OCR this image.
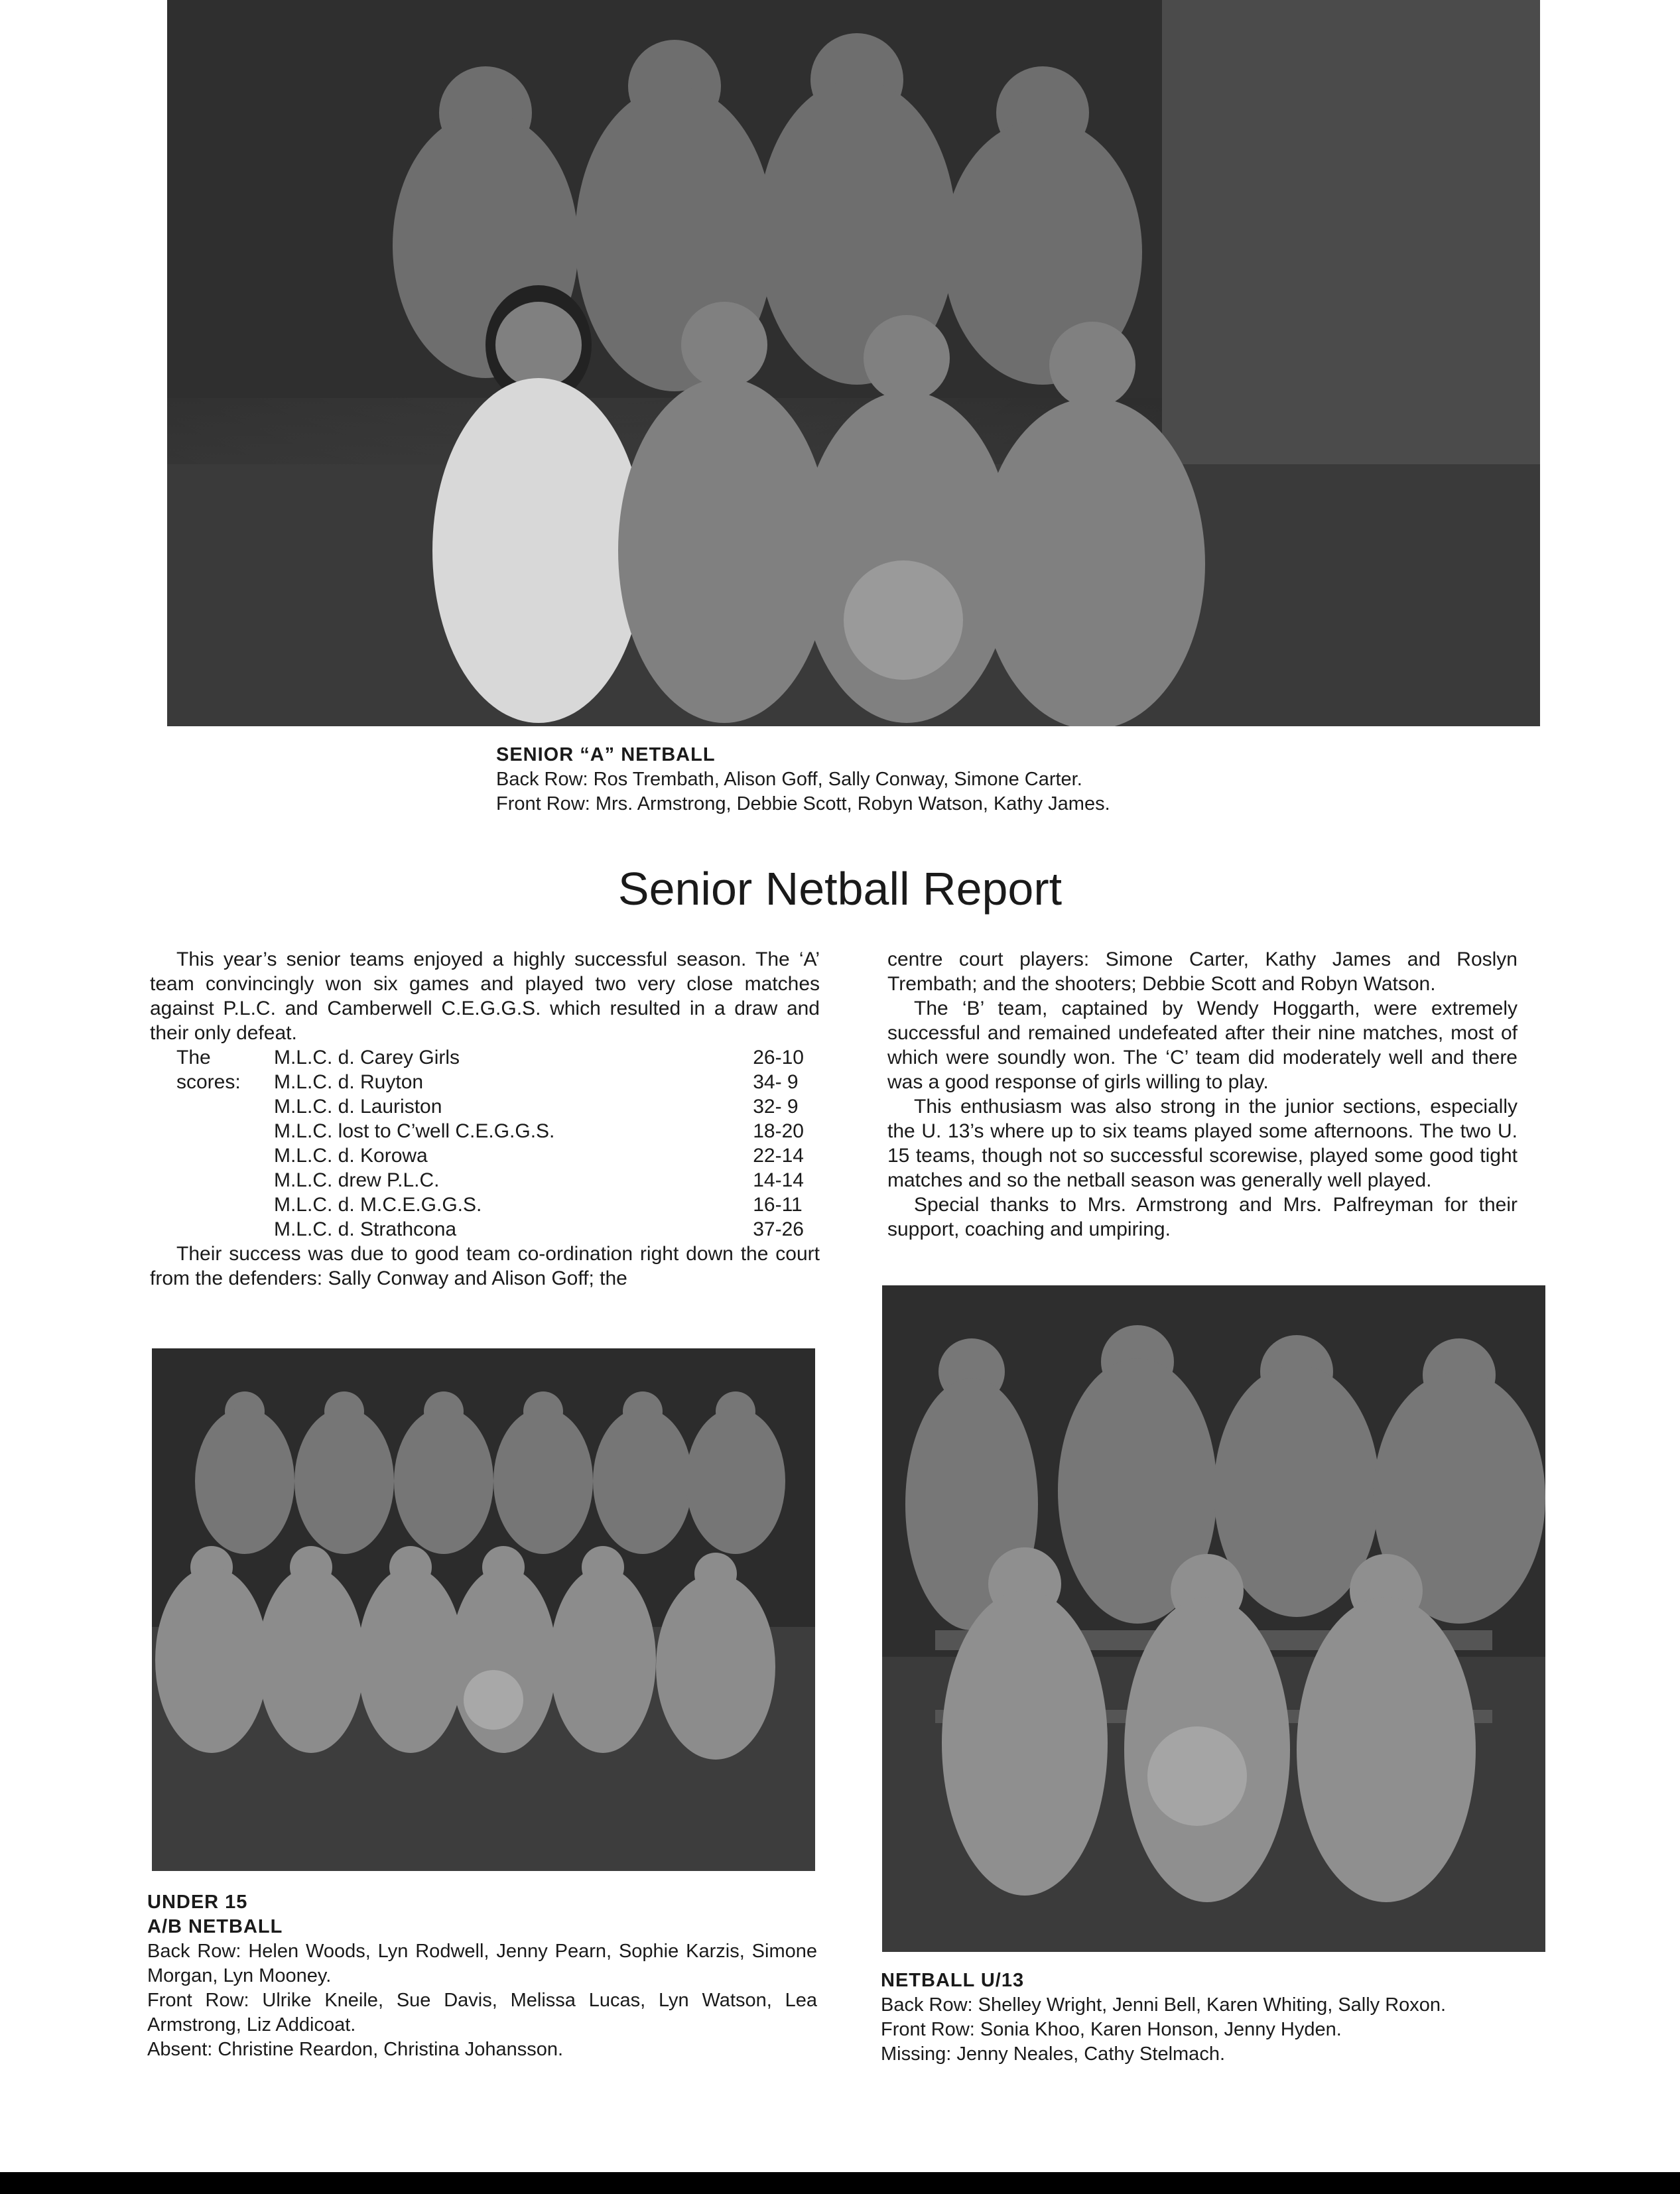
SENIOR “A” NETBALL
Back Row: Ros Trembath, Alison Goff, Sally Conway, Simone Carter.
Front Row: Mrs. Armstrong, Debbie Scott, Robyn Watson, Kathy James.
Senior Netball Report

This year’s senior teams enjoyed a highly successful season. The ‘A’ team convincingly won six games and played two very close matches against P.L.C. and Camberwell C.E.G.G.S. which resulted in a draw and their only defeat.

The scores:
M.L.C. d. Carey Girls	26-10
M.L.C. d. Ruyton	34- 9
M.L.C. d. Lauriston	32- 9
M.L.C. lost to C’well C.E.G.G.S.	18-20
M.L.C. d. Korowa	22-14
M.L.C. drew P.L.C.	14-14
M.L.C. d. M.C.E.G.G.S.	16-11
M.L.C. d. Strathcona	37-26

Their success was due to good team co-ordination right down the court from the defenders: Sally Conway and Alison Goff; the

centre court players: Simone Carter, Kathy James and Roslyn Trembath; and the shooters; Debbie Scott and Robyn Watson.

The ‘B’ team, captained by Wendy Hoggarth, were extremely successful and remained undefeated after their nine matches, most of which were soundly won. The ‘C’ team did moderately well and there was a good response of girls willing to play.

This enthusiasm was also strong in the junior sections, especially the U. 13’s where up to six teams played some afternoons. The two U. 15 teams, though not so successful scorewise, played some good tight matches and so the netball season was generally well played.

Special thanks to Mrs. Armstrong and Mrs. Palfreyman for their support, coaching and umpiring.

UNDER 15
A/B NETBALL
Back Row: Helen Woods, Lyn Rodwell, Jenny Pearn, Sophie Karzis, Simone Morgan, Lyn Mooney.
Front Row: Ulrike Kneile, Sue Davis, Melissa Lucas, Lyn Watson, Lea Armstrong, Liz Addicoat.
Absent: Christine Reardon, Christina Johansson.
NETBALL U/13
Back Row: Shelley Wright, Jenni Bell, Karen Whiting, Sally Roxon.
Front Row: Sonia Khoo, Karen Honson, Jenny Hyden.
Missing: Jenny Neales, Cathy Stelmach.
